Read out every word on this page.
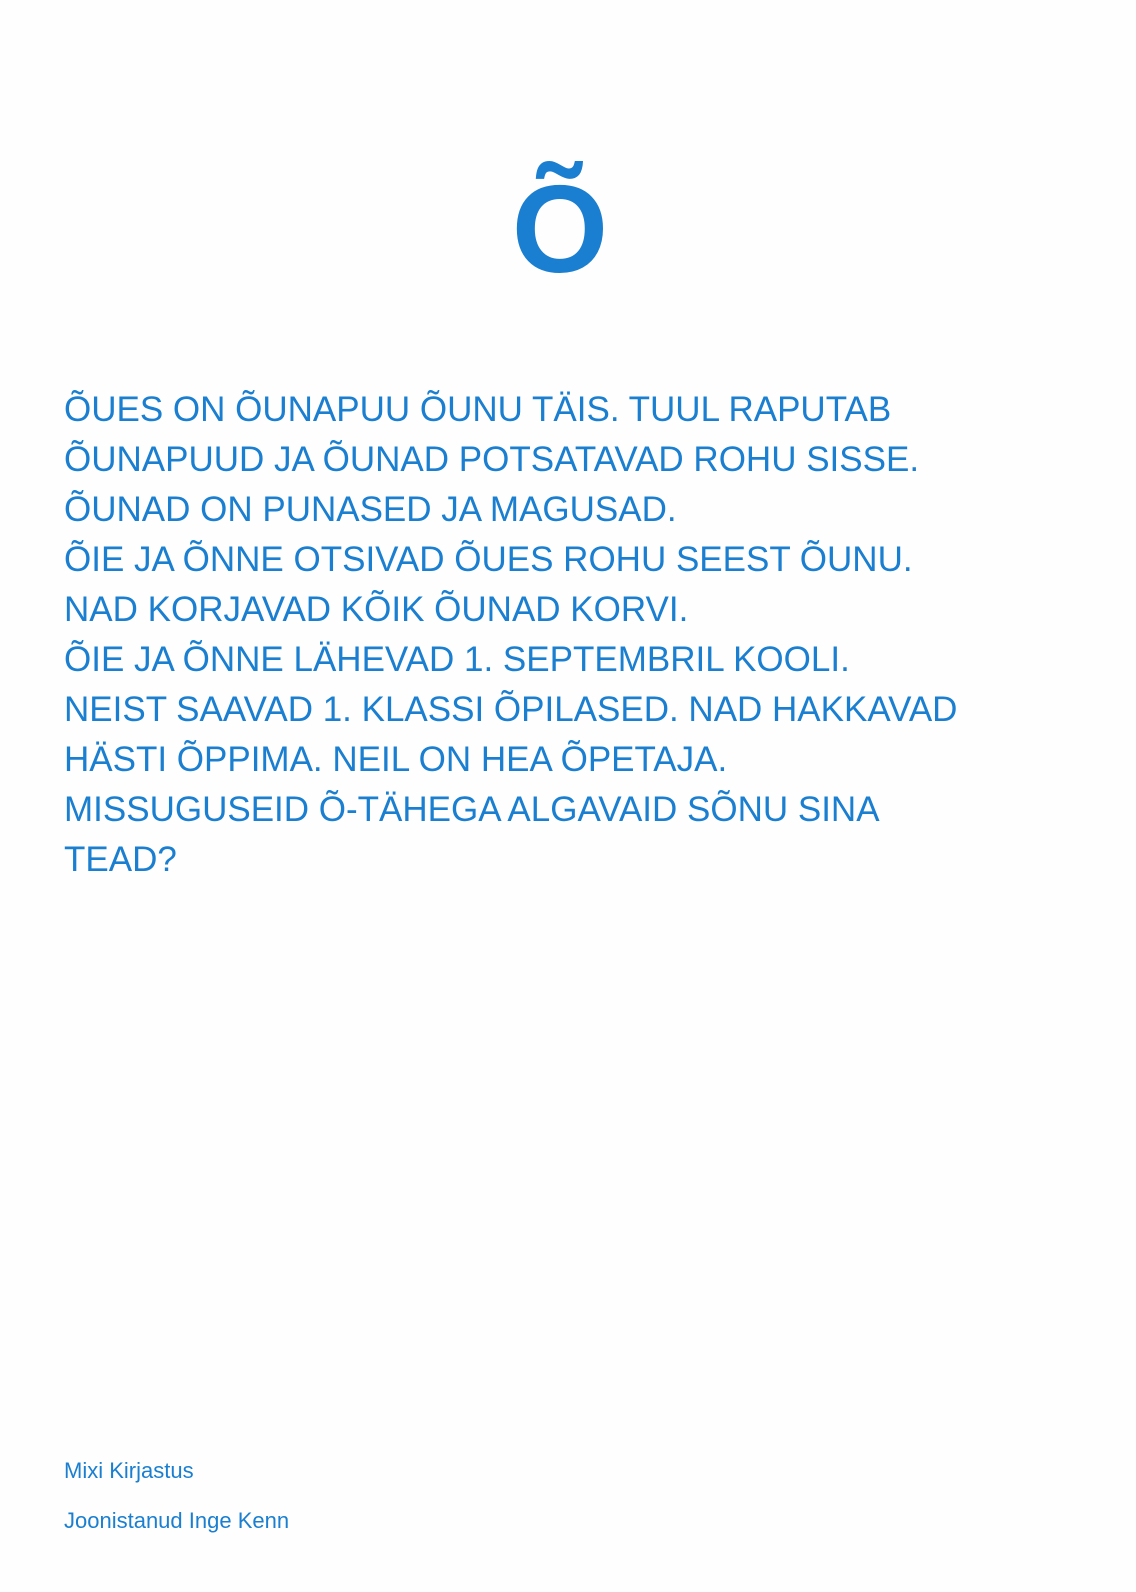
Õ
ÕUES ON ÕUNAPUU ÕUNU TÄIS. TUUL RAPUTAB
ÕUNAPUUD JA ÕUNAD POTSATAVAD ROHU SISSE.
ÕUNAD ON PUNASED JA MAGUSAD.
ÕIE JA ÕNNE OTSIVAD ÕUES ROHU SEEST ÕUNU.
NAD KORJAVAD KÕIK ÕUNAD KORVI.
ÕIE JA ÕNNE LÄHEVAD 1. SEPTEMBRIL KOOLI.
NEIST SAAVAD 1. KLASSI ÕPILASED. NAD HAKKAVAD
HÄSTI ÕPPIMA. NEIL ON HEA ÕPETAJA.
MISSUGUSEID Õ-TÄHEGA ALGAVAID SÕNU SINA
TEAD?
Mixi Kirjastus
Joonistanud Inge Kenn
